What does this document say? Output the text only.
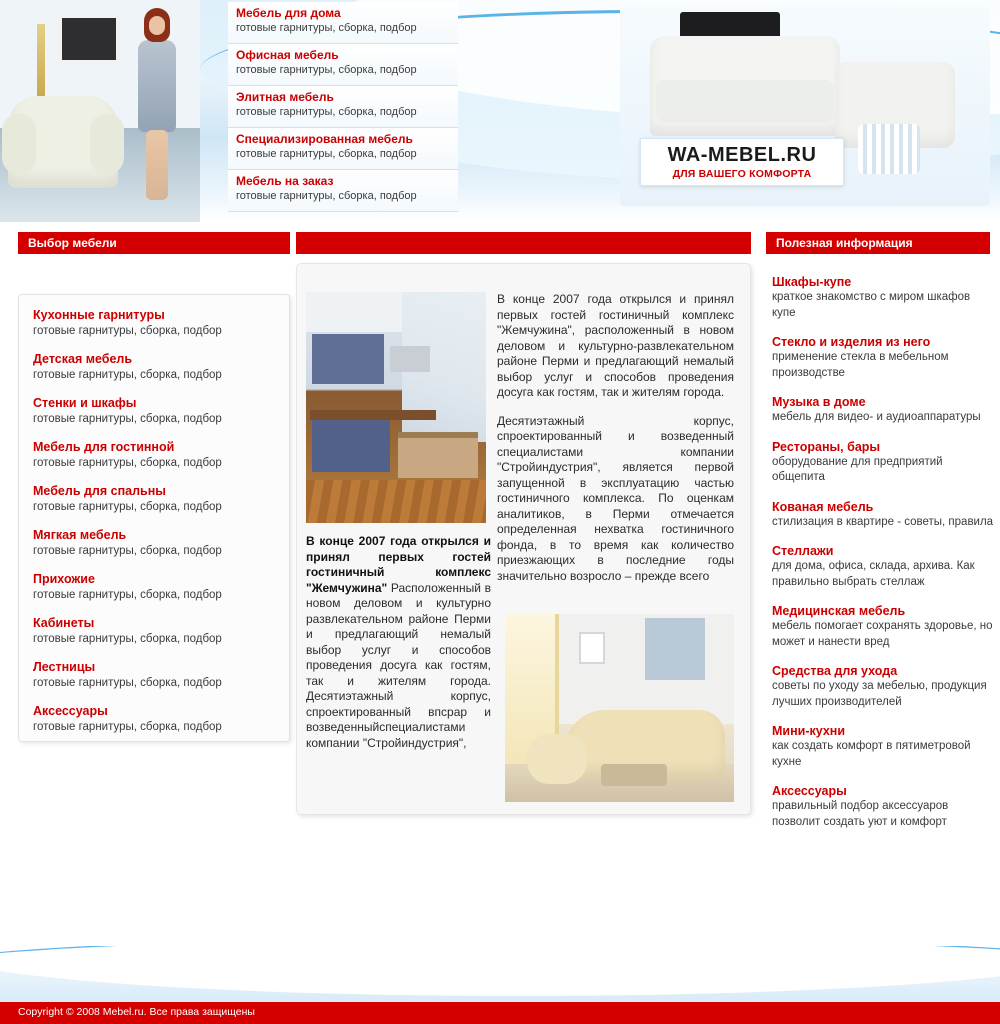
Мебель для дома
готовые гарнитуры, сборка, подбор
Офисная мебель
готовые гарнитуры, сборка, подбор
Элитная мебель
готовые гарнитуры, сборка, подбор
Специализированная мебель
готовые гарнитуры, сборка, подбор
Мебель на заказ
готовые гарнитуры, сборка, подбор
WA-MEBEL.RU
ДЛЯ ВАШЕГО КОМФОРТА
Выбор мебели	Полезная информация
Кухонные гарнитуры
готовые гарнитуры, сборка, подбор
Детская мебель
готовые гарнитуры, сборка, подбор
Стенки и шкафы
готовые гарнитуры, сборка, подбор
Мебель для гостинной
готовые гарнитуры, сборка, подбор
Мебель для спальны
готовые гарнитуры, сборка, подбор
Мягкая мебель
готовые гарнитуры, сборка, подбор
Прихожие
готовые гарнитуры, сборка, подбор
Кабинеты
готовые гарнитуры, сборка, подбор
Лестницы
готовые гарнитуры, сборка, подбор
Аксессуары
готовые гарнитуры, сборка, подбор

В конце 2007 года открылся и принял первых гостей гостиничный комплекс "Жемчужина", расположенный в новом деловом и культурно-развлекательном районе Перми и предлагающий немалый выбор услуг и способов проведения досуга как гостям, так и жителям города.

Десятиэтажный корпус, спроектированный и возведенный специалистами компании "Стройиндустрия", является первой запущенной в эксплуатацию частью гостиничного комплекса. По оценкам аналитиков, в Перми отмечается определенная нехватка гостиничного фонда, в то время как количество приезжающих в последние годы значительно возросло – прежде всего

В конце 2007 года открылся и принял первых гостей гостиничный комплекс "Жемчужина" Расположенный в новом деловом и культурно развлекательном районе Перми и предлагающий немалый выбор услуг и способов проведения досуга как гостям, так и жителям города. Десятиэтажный корпус, спроектированный впсрар и возведенныйспециалистами компании "Стройиндустрия",

Шкафы-купе
краткое знакомство с миром шкафов купе
Стекло и изделия из него
применение стекла в мебельном производстве
Музыка в доме
мебель для видео- и аудиоаппаратуры
Рестораны, бары
оборудование для предприятий общепита
Кованая мебель
стилизация в квартире - советы, правила
Стеллажи
для дома, офиса, склада, архива. Как правильно выбрать стеллаж
Медицинская мебель
мебель помогает сохранять здоровье, но может и нанести вред
Средства для ухода
советы по уходу за мебелью, продукция лучших производителей
Мини-кухни
как создать комфорт в пятиметровой кухне
Аксессуары
правильный подбор аксессуаров позволит создать уют и комфорт
Copyright © 2008 Mebel.ru. Все права защищены
